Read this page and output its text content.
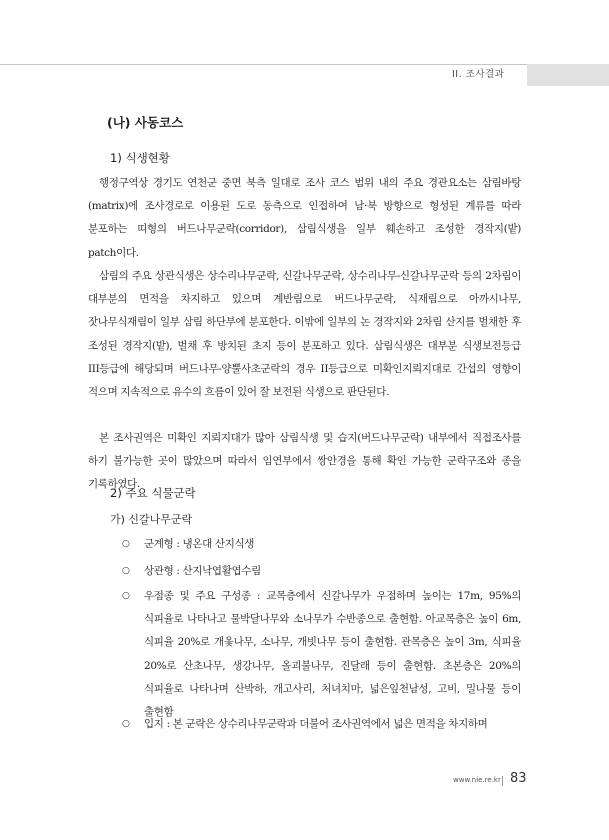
II. 조사결과
(나) 사동코스
1) 식생현황

행정구역상 경기도 연천군 중면 북측 일대로 조사 코스 범위 내의 주요 경관요소는 삼림바탕(matrix)에 조사경로로 이용된 도로 동측으로 인접하여 남·북 방향으로 형성된 계류를 따라 분포하는 띠형의 버드나무군락(corridor), 삼림식생을 일부 훼손하고 조성한 경작지(밭) patch이다.

삼림의 주요 상관식생은 상수리나무군락, 신갈나무군락, 상수리나무-신갈나무군락 등의 2차림이 대부분의 면적을 차지하고 있으며 계반림으로 버드나무군락, 식재림으로 아까시나무, 잣나무식재림이 일부 삼림 하단부에 분포한다. 이밖에 일부의 논 경작지와 2차림 산지를 벌채한 후 조성된 경작지(밭), 벌채 후 방치된 초지 등이 분포하고 있다. 삼림식생은 대부분 식생보전등급 III등급에 해당되며 버드나무-양뿔사초군락의 경우 II등급으로 미확인지뢰지대로 간섭의 영향이 적으며 지속적으로 유수의 흐름이 있어 잘 보전된 식생으로 판단된다.

본 조사권역은 미확인 지뢰지대가 많아 삼림식생 및 습지(버드나무군락) 내부에서 직접조사를 하기 불가능한 곳이 많았으며 따라서 임연부에서 쌍안경을 통해 확인 가능한 군락구조와 종을 기록하였다.

2) 주요 식물군락
가) 신갈나무군락
○	군계형 : 냉온대 산지식생
○	상관형 : 산지낙엽활엽수림
○	우점종 및 주요 구성종 : 교목층에서 신갈나무가 우점하며 높이는 17m, 95%의 식피율로 나타나고 물박달나무와 소나무가 수반종으로 출현함. 아교목층은 높이 6m, 식피율 20%로 개옻나무, 소나무, 개빗나무 등이 출현함. 관목층은 높이 3m, 식피율 20%로 산초나무, 생강나무, 올괴불나무, 진달래 등이 출현함. 초본층은 20%의 식피율로 나타나며 산박하, 개고사리, 처녀치마, 넓은잎천남성, 고비, 밀나물 등이 출현함
○	입지 : 본 군락은 상수리나무군락과 더불어 조사권역에서 넓은 면적을 차지하며
www.nie.re.kr 83
